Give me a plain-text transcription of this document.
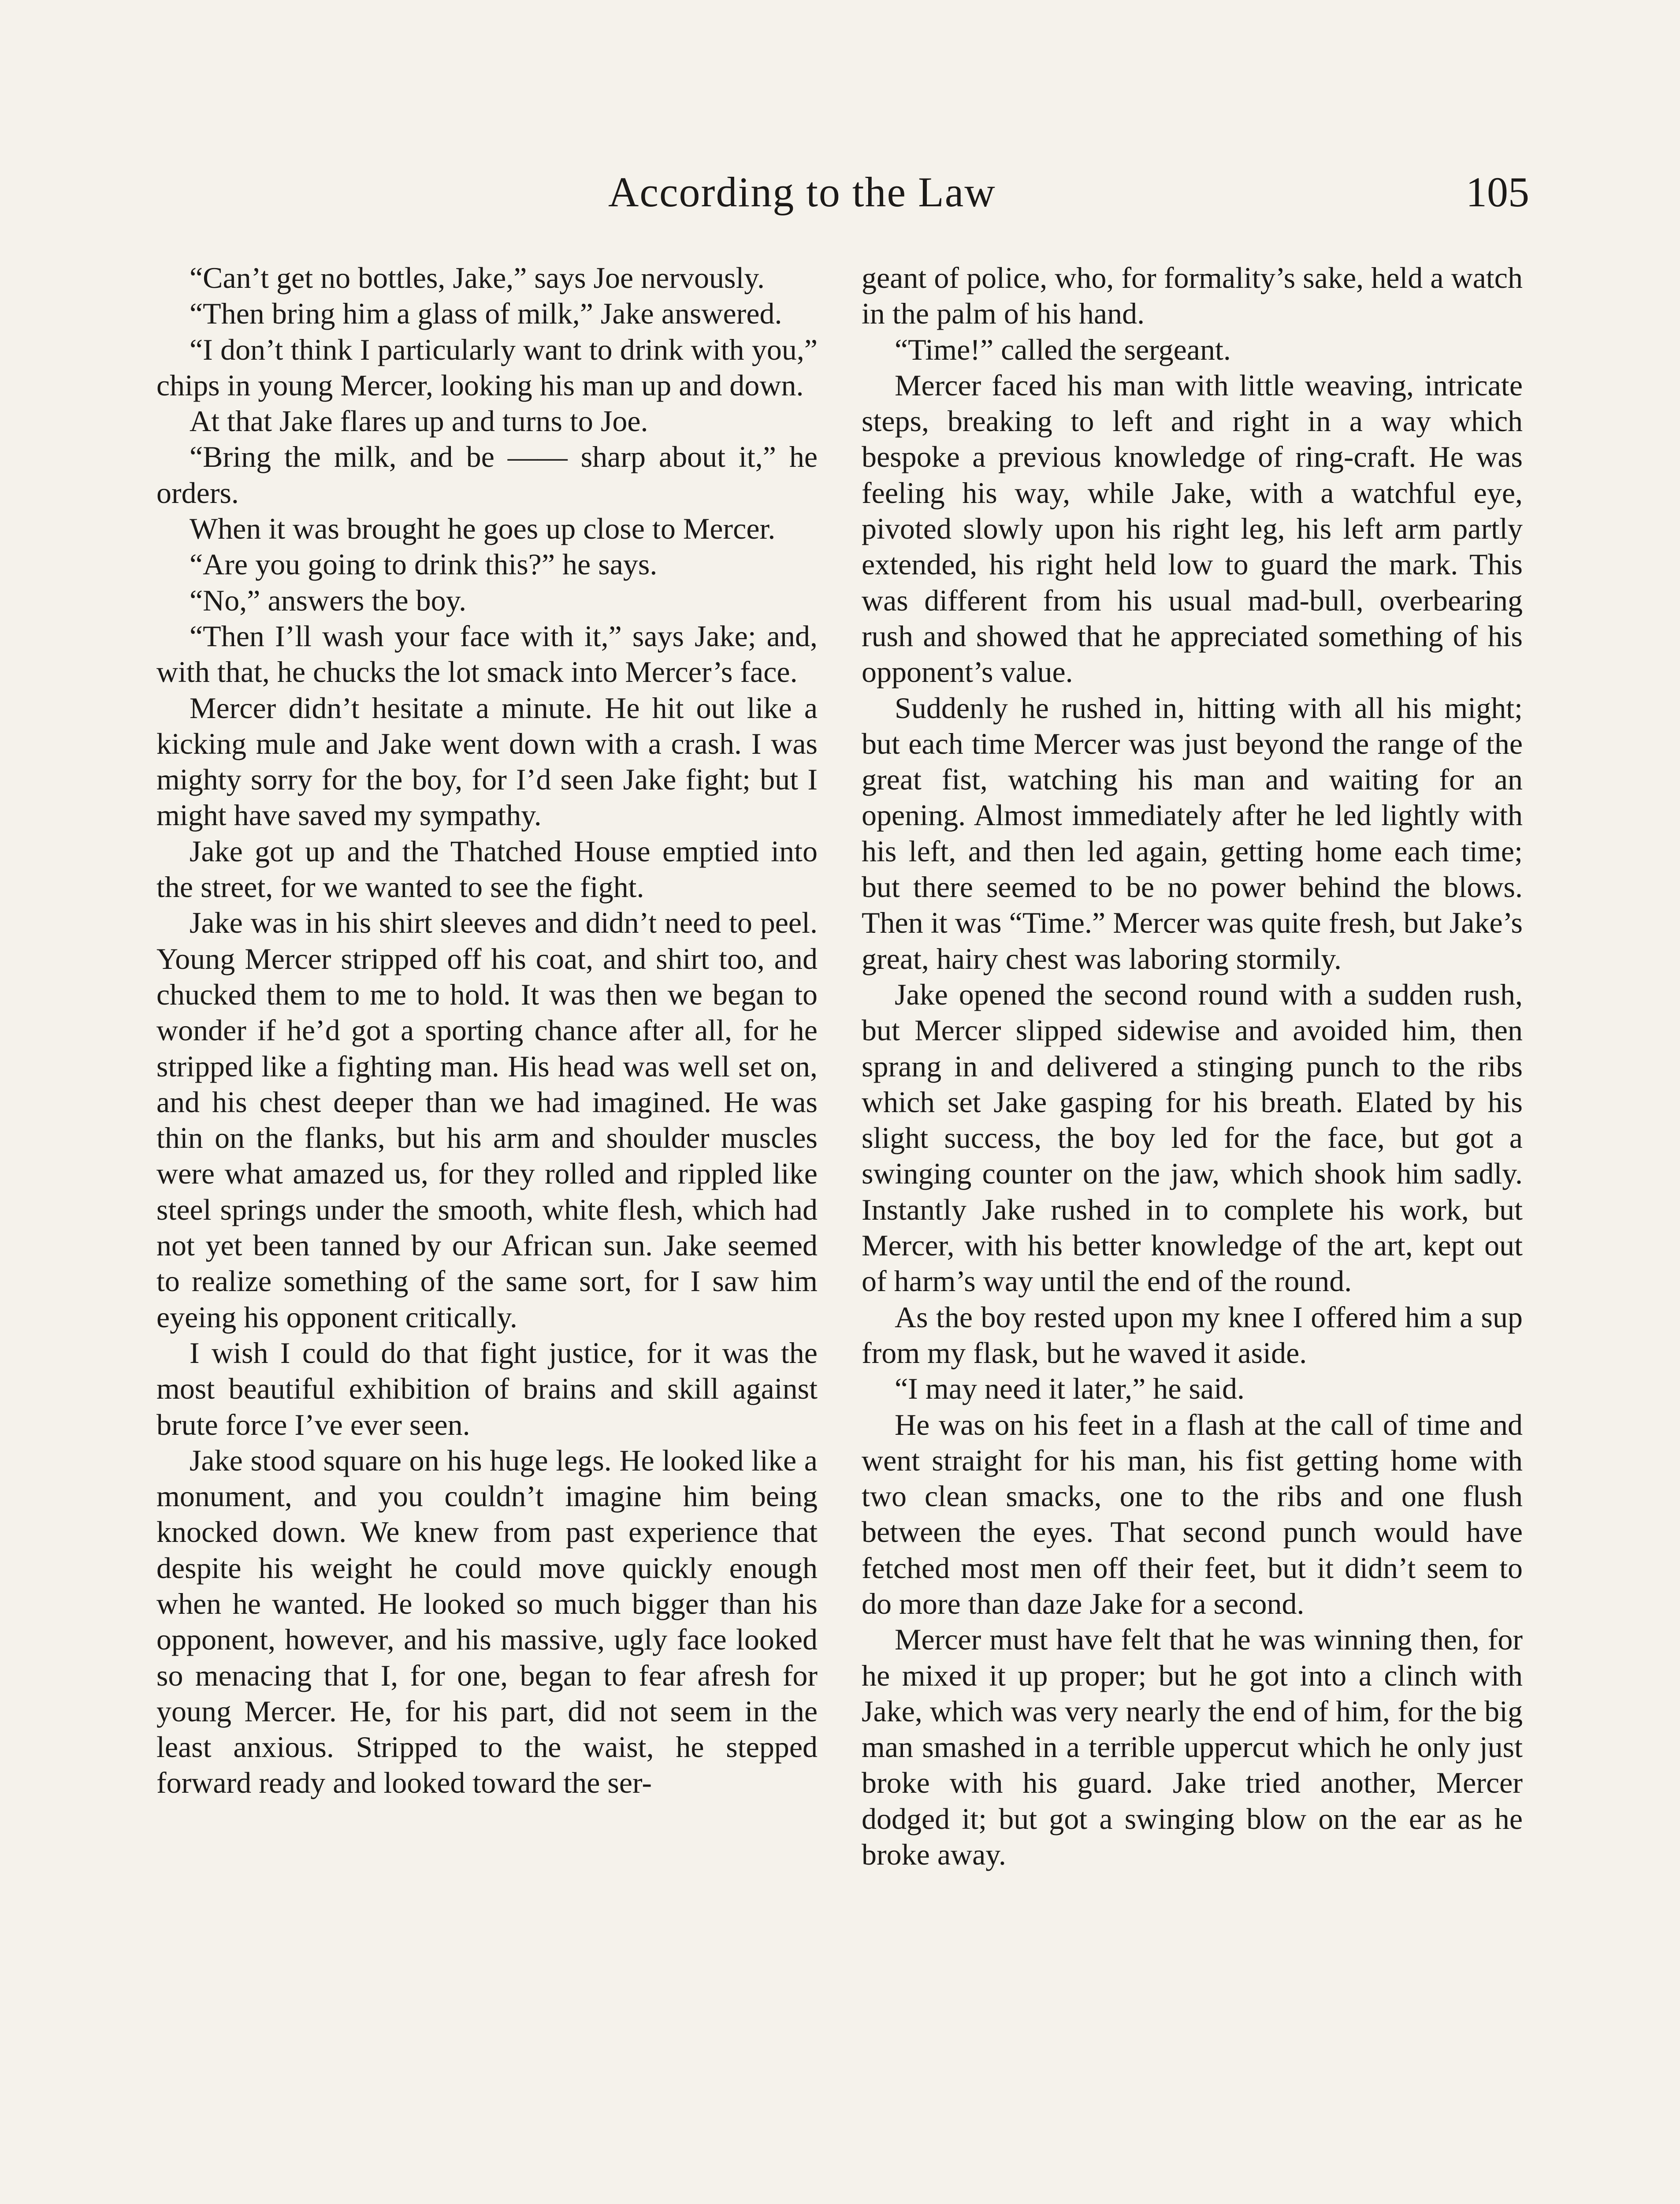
According to the Law	105

“Can’t get no bottles, Jake,” says Joe nervously.

“Then bring him a glass of milk,” Jake answered.

“I don’t think I particularly want to drink with you,” chips in young Mercer, looking his man up and down.

At that Jake flares up and turns to Joe.

“Bring the milk, and be —— sharp about it,” he orders.

When it was brought he goes up close to Mercer.

“Are you going to drink this?” he says.

“No,” answers the boy.

“Then I’ll wash your face with it,” says Jake; and, with that, he chucks the lot smack into Mercer’s face.

Mercer didn’t hesitate a minute. He hit out like a kicking mule and Jake went down with a crash. I was mighty sorry for the boy, for I’d seen Jake fight; but I might have saved my sympathy.

Jake got up and the Thatched House emptied into the street, for we wanted to see the fight.

Jake was in his shirt sleeves and didn’t need to peel. Young Mercer stripped off his coat, and shirt too, and chucked them to me to hold. It was then we began to wonder if he’d got a sporting chance after all, for he stripped like a fighting man. His head was well set on, and his chest deeper than we had imagined. He was thin on the flanks, but his arm and shoulder muscles were what amazed us, for they rolled and rippled like steel springs under the smooth, white flesh, which had not yet been tanned by our African sun. Jake seemed to realize something of the same sort, for I saw him eyeing his opponent critically.

I wish I could do that fight justice, for it was the most beautiful exhibition of brains and skill against brute force I’ve ever seen.

Jake stood square on his huge legs. He looked like a monument, and you couldn’t imagine him being knocked down. We knew from past experience that despite his weight he could move quickly enough when he wanted. He looked so much bigger than his opponent, however, and his massive, ugly face looked so menacing that I, for one, began to fear afresh for young Mercer. He, for his part, did not seem in the least anxious. Stripped to the waist, he stepped forward ready and looked toward the ser-

geant of police, who, for formality’s sake, held a watch in the palm of his hand.

“Time!” called the sergeant.

Mercer faced his man with little weaving, intricate steps, breaking to left and right in a way which bespoke a previous knowledge of ring-craft. He was feeling his way, while Jake, with a watchful eye, pivoted slowly upon his right leg, his left arm partly extended, his right held low to guard the mark. This was different from his usual mad-bull, overbearing rush and showed that he appreciated something of his opponent’s value.

Suddenly he rushed in, hitting with all his might; but each time Mercer was just beyond the range of the great fist, watching his man and waiting for an opening. Almost immediately after he led lightly with his left, and then led again, getting home each time; but there seemed to be no power behind the blows. Then it was “Time.” Mercer was quite fresh, but Jake’s great, hairy chest was laboring stormily.

Jake opened the second round with a sudden rush, but Mercer slipped sidewise and avoided him, then sprang in and delivered a stinging punch to the ribs which set Jake gasping for his breath. Elated by his slight success, the boy led for the face, but got a swinging counter on the jaw, which shook him sadly. Instantly Jake rushed in to complete his work, but Mercer, with his better knowledge of the art, kept out of harm’s way until the end of the round.

As the boy rested upon my knee I offered him a sup from my flask, but he waved it aside.

“I may need it later,” he said.

He was on his feet in a flash at the call of time and went straight for his man, his fist getting home with two clean smacks, one to the ribs and one flush between the eyes. That second punch would have fetched most men off their feet, but it didn’t seem to do more than daze Jake for a second.

Mercer must have felt that he was winning then, for he mixed it up proper; but he got into a clinch with Jake, which was very nearly the end of him, for the big man smashed in a terrible uppercut which he only just broke with his guard. Jake tried another, Mercer dodged it; but got a swinging blow on the ear as he broke away.
